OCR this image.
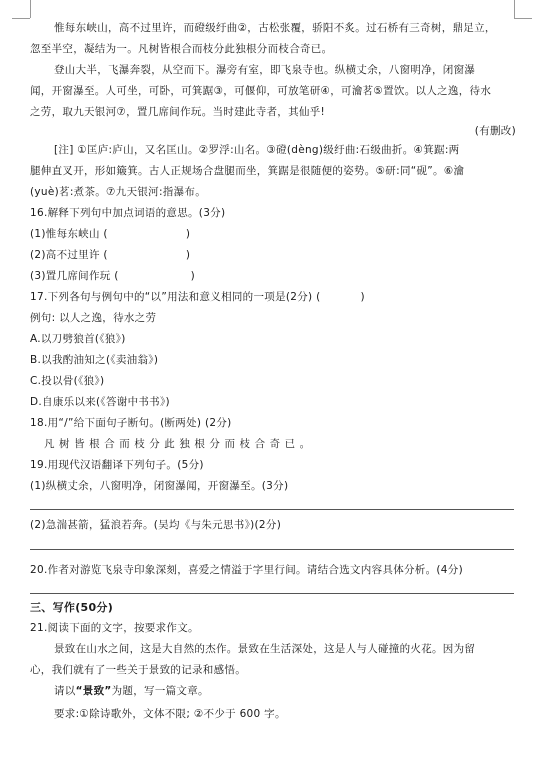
惟每东峡山，高不过里许，而磴级纡曲②，古松张覆，骄阳不炙。过石桥有三奇树，鼎足立，
忽至半空，凝结为一。凡树皆根合而枝分此独根分而枝合奇已。
登山大半，飞瀑奔裂，从空而下。瀑旁有室，即飞泉寺也。纵横丈余，八窗明净，闭窗瀑
闻，开窗瀑至。人可坐，可卧，可箕踞③，可偃仰，可放笔研④，可瀹茗⑤置饮。以人之逸，待水
之劳，取九天银河⑦，置几席间作玩。当时建此寺者，其仙乎!
(有删改)
[注] ①匡庐:庐山，又名匡山。②罗浮:山名。③磴(dèng)级纡曲:石级曲折。④箕踞:两
腿伸直叉开，形如簸箕。古人正规场合盘腿而坐，箕踞是很随便的姿势。⑤研:同“砚”。⑥瀹
(yuè)茗:煮茶。⑦九天银河:指瀑布。
16.解释下列句中加点词语的意思。(3分)
(1)惟每东峡山 (	)
(2)高不过里许 (	)
(3)置几席间作玩 (	)
17.下列各句与例句中的“以”用法和意义相同的一项是(2分) (	)
例句: 以人之逸，待水之劳
A.以刀劈狼首(《狼》)
B.以我酌油知之(《卖油翁》)
C.投以骨(《狼》)
D.自康乐以来(《答谢中书书》)
18.用“/”给下面句子断句。(断两处) (2分)
凡 树 皆 根 合 而 枝 分 此 独 根 分 而 枝 合 奇 已 。
19.用现代汉语翻译下列句子。(5分)
(1)纵横丈余，八窗明净，闭窗瀑闻，开窗瀑至。(3分)
(2)急湍甚箭，猛浪若奔。(吴均《与朱元思书》)(2分)
20.作者对游览飞泉寺印象深刻，喜爱之情溢于字里行间。请结合选文内容具体分析。(4分)
三、写作(50分)
21.阅读下面的文字，按要求作文。
景致在山水之间，这是大自然的杰作。景致在生活深处，这是人与人碰撞的火花。因为留
心，我们就有了一些关于景致的记录和感悟。
请以“景致”为题，写一篇文章。
要求:①除诗歌外，文体不限; ②不少于 600 字。
